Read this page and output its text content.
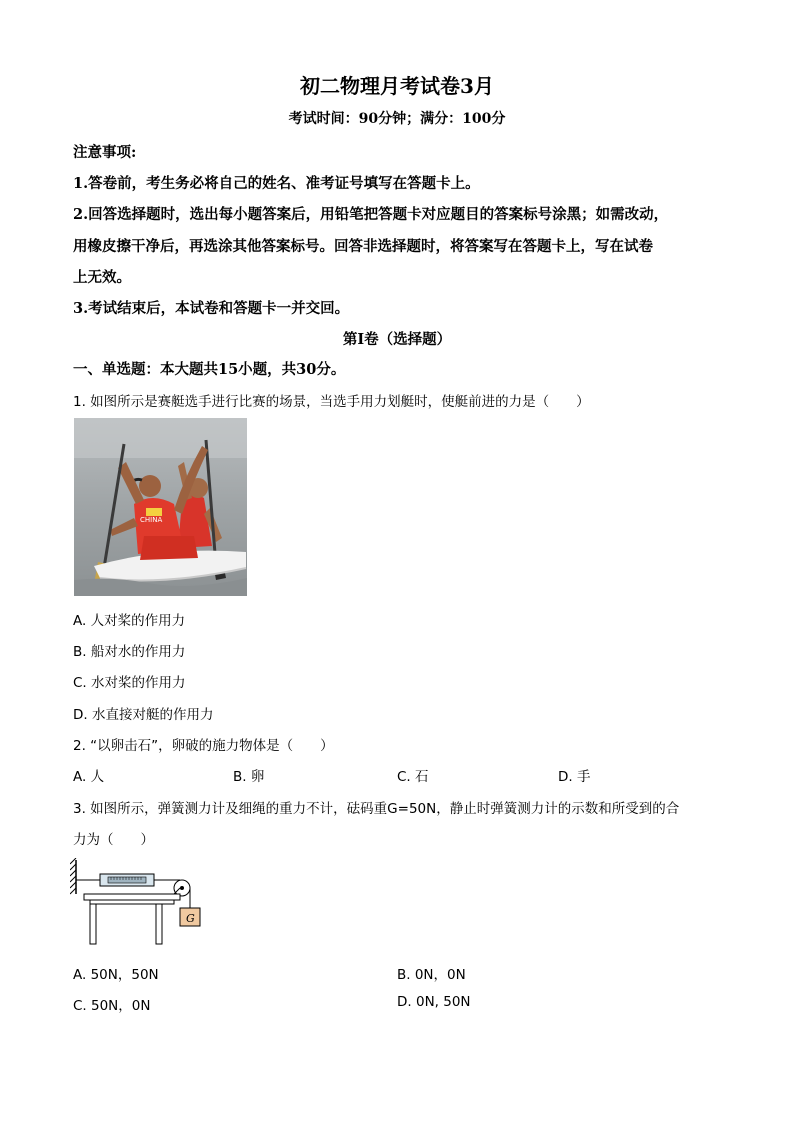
初二物理月考试卷3月
考试时间：90分钟；满分：100分
注意事项:
1.答卷前，考生务必将自己的姓名、准考证号填写在答题卡上。
2.回答选择题时，选出每小题答案后，用铅笔把答题卡对应题目的答案标号涂黑；如需改动，
用橡皮擦干净后，再选涂其他答案标号。回答非选择题时，将答案写在答题卡上，写在试卷
上无效。
3.考试结束后，本试卷和答题卡一并交回。
第I卷（选择题）
一、单选题：本大题共15小题，共30分。
1. 如图所示是赛艇选手进行比赛的场景，当选手用力划艇时，使艇前进的力是（　　）
CHINA
A. 人对桨的作用力
B. 船对水的作用力
C. 水对桨的作用力
D. 水直接对艇的作用力
2. “以卵击石”，卵破的施力物体是（　　）
A. 人	B. 卵	C. 石	D. 手
3. 如图所示，弹簧测力计及细绳的重力不计，砝码重G=50N，静止时弹簧测力计的示数和所受到的合
力为（　　）
G
A. 50N，50N	B. 0N，0N
C. 50N，0N	D. 0N, 50N
